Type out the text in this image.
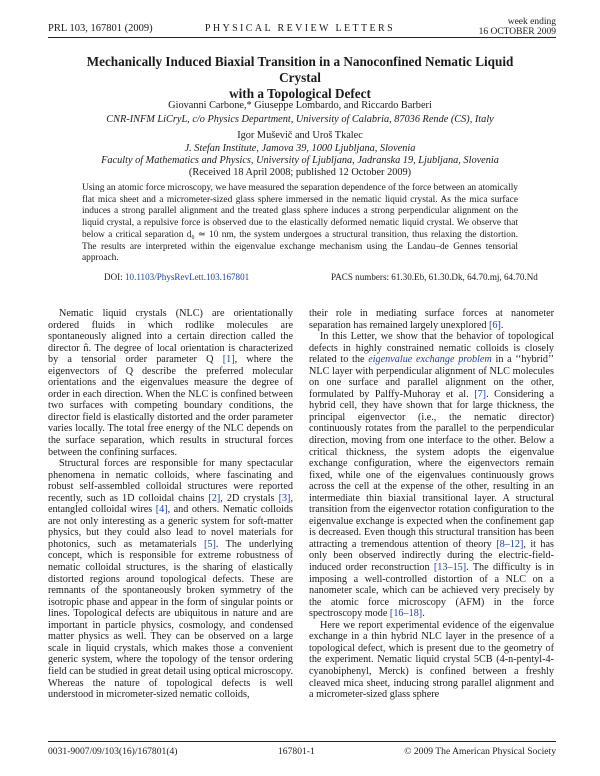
PRL 103, 167801 (2009)	PHYSICAL REVIEW LETTERS
week ending
16 OCTOBER 2009
Mechanically Induced Biaxial Transition in a Nanoconfined Nematic Liquid Crystal
with a Topological Defect
Giovanni Carbone,* Giuseppe Lombardo, and Riccardo Barberi
CNR-INFM LiCryL, c/o Physics Department, University of Calabria, 87036 Rende (CS), Italy
Igor Muševič and Uroš Tkalec
J. Stefan Institute, Jamova 39, 1000 Ljubljana, Slovenia
Faculty of Mathematics and Physics, University of Ljubljana, Jadranska 19, Ljubljana, Slovenia
(Received 18 April 2008; published 12 October 2009)
Using an atomic force microscopy, we have measured the separation dependence of the force between an atomically flat mica sheet and a micrometer-sized glass sphere immersed in the nematic liquid crystal. As the mica surface induces a strong parallel alignment and the treated glass sphere induces a strong perpendicular alignment on the liquid crystal, a repulsive force is observed due to the elastically deformed nematic liquid crystal. We observe that below a critical separation d₀ ≃ 10 nm, the system undergoes a structural transition, thus relaxing the distortion. The results are interpreted within the eigenvalue exchange mechanism using the Landau–de Gennes tensorial approach.
DOI: 10.1103/PhysRevLett.103.167801	PACS numbers: 61.30.Eb, 61.30.Dk, 64.70.mj, 64.70.Nd

Nematic liquid crystals (NLC) are orientationally ordered fluids in which rodlike molecules are spontaneously aligned into a certain direction called the director n̂. The degree of local orientation is characterized by a tensorial order parameter Q [1], where the eigenvectors of Q describe the preferred molecular orientations and the eigenvalues measure the degree of order in each direction. When the NLC is confined between two surfaces with competing boundary conditions, the director field is elastically distorted and the order parameter varies locally. The total free energy of the NLC depends on the surface separation, which results in structural forces between the confining surfaces.

Structural forces are responsible for many spectacular phenomena in nematic colloids, where fascinating and robust self-assembled colloidal structures were reported recently, such as 1D colloidal chains [2], 2D crystals [3], entangled colloidal wires [4], and others. Nematic colloids are not only interesting as a generic system for soft-matter physics, but they could also lead to novel materials for photonics, such as metamaterials [5]. The underlying concept, which is responsible for extreme robustness of nematic colloidal structures, is the sharing of elastically distorted regions around topological defects. These are remnants of the spontaneously broken symmetry of the isotropic phase and appear in the form of singular points or lines. Topological defects are ubiquitous in nature and are important in particle physics, cosmology, and condensed matter physics as well. They can be observed on a large scale in liquid crystals, which makes those a convenient generic system, where the topology of the tensor ordering field can be studied in great detail using optical microscopy. Whereas the nature of topological defects is well understood in micrometer-sized nematic colloids,

their role in mediating surface forces at nanometer separation has remained largely unexplored [6].

In this Letter, we show that the behavior of topological defects in highly constrained nematic colloids is closely related to the eigenvalue exchange problem in a ‘‘hybrid’’ NLC layer with perpendicular alignment of NLC molecules on one surface and parallel alignment on the other, formulated by Palffy-Muhoray et al. [7]. Considering a hybrid cell, they have shown that for large thickness, the principal eigenvector (i.e., the nematic director) continuously rotates from the parallel to the perpendicular direction, moving from one interface to the other. Below a critical thickness, the system adopts the eigenvalue exchange configuration, where the eigenvectors remain fixed, while one of the eigenvalues continuously grows across the cell at the expense of the other, resulting in an intermediate thin biaxial transitional layer. A structural transition from the eigenvector rotation configuration to the eigenvalue exchange is expected when the confinement gap is decreased. Even though this structural transition has been attracting a tremendous attention of theory [8–12], it has only been observed indirectly during the electric-field-induced order reconstruction [13–15]. The difficulty is in imposing a well-controlled distortion of a NLC on a nanometer scale, which can be achieved very precisely by the atomic force microscopy (AFM) in the force spectroscopy mode [16–18].

Here we report experimental evidence of the eigenvalue exchange in a thin hybrid NLC layer in the presence of a topological defect, which is present due to the geometry of the experiment. Nematic liquid crystal 5CB (4-n-pentyl-4-cyanobiphenyl, Merck) is confined between a freshly cleaved mica sheet, inducing strong parallel alignment and a micrometer-sized glass sphere

0031-9007/09/103(16)/167801(4)	167801-1	© 2009 The American Physical Society
